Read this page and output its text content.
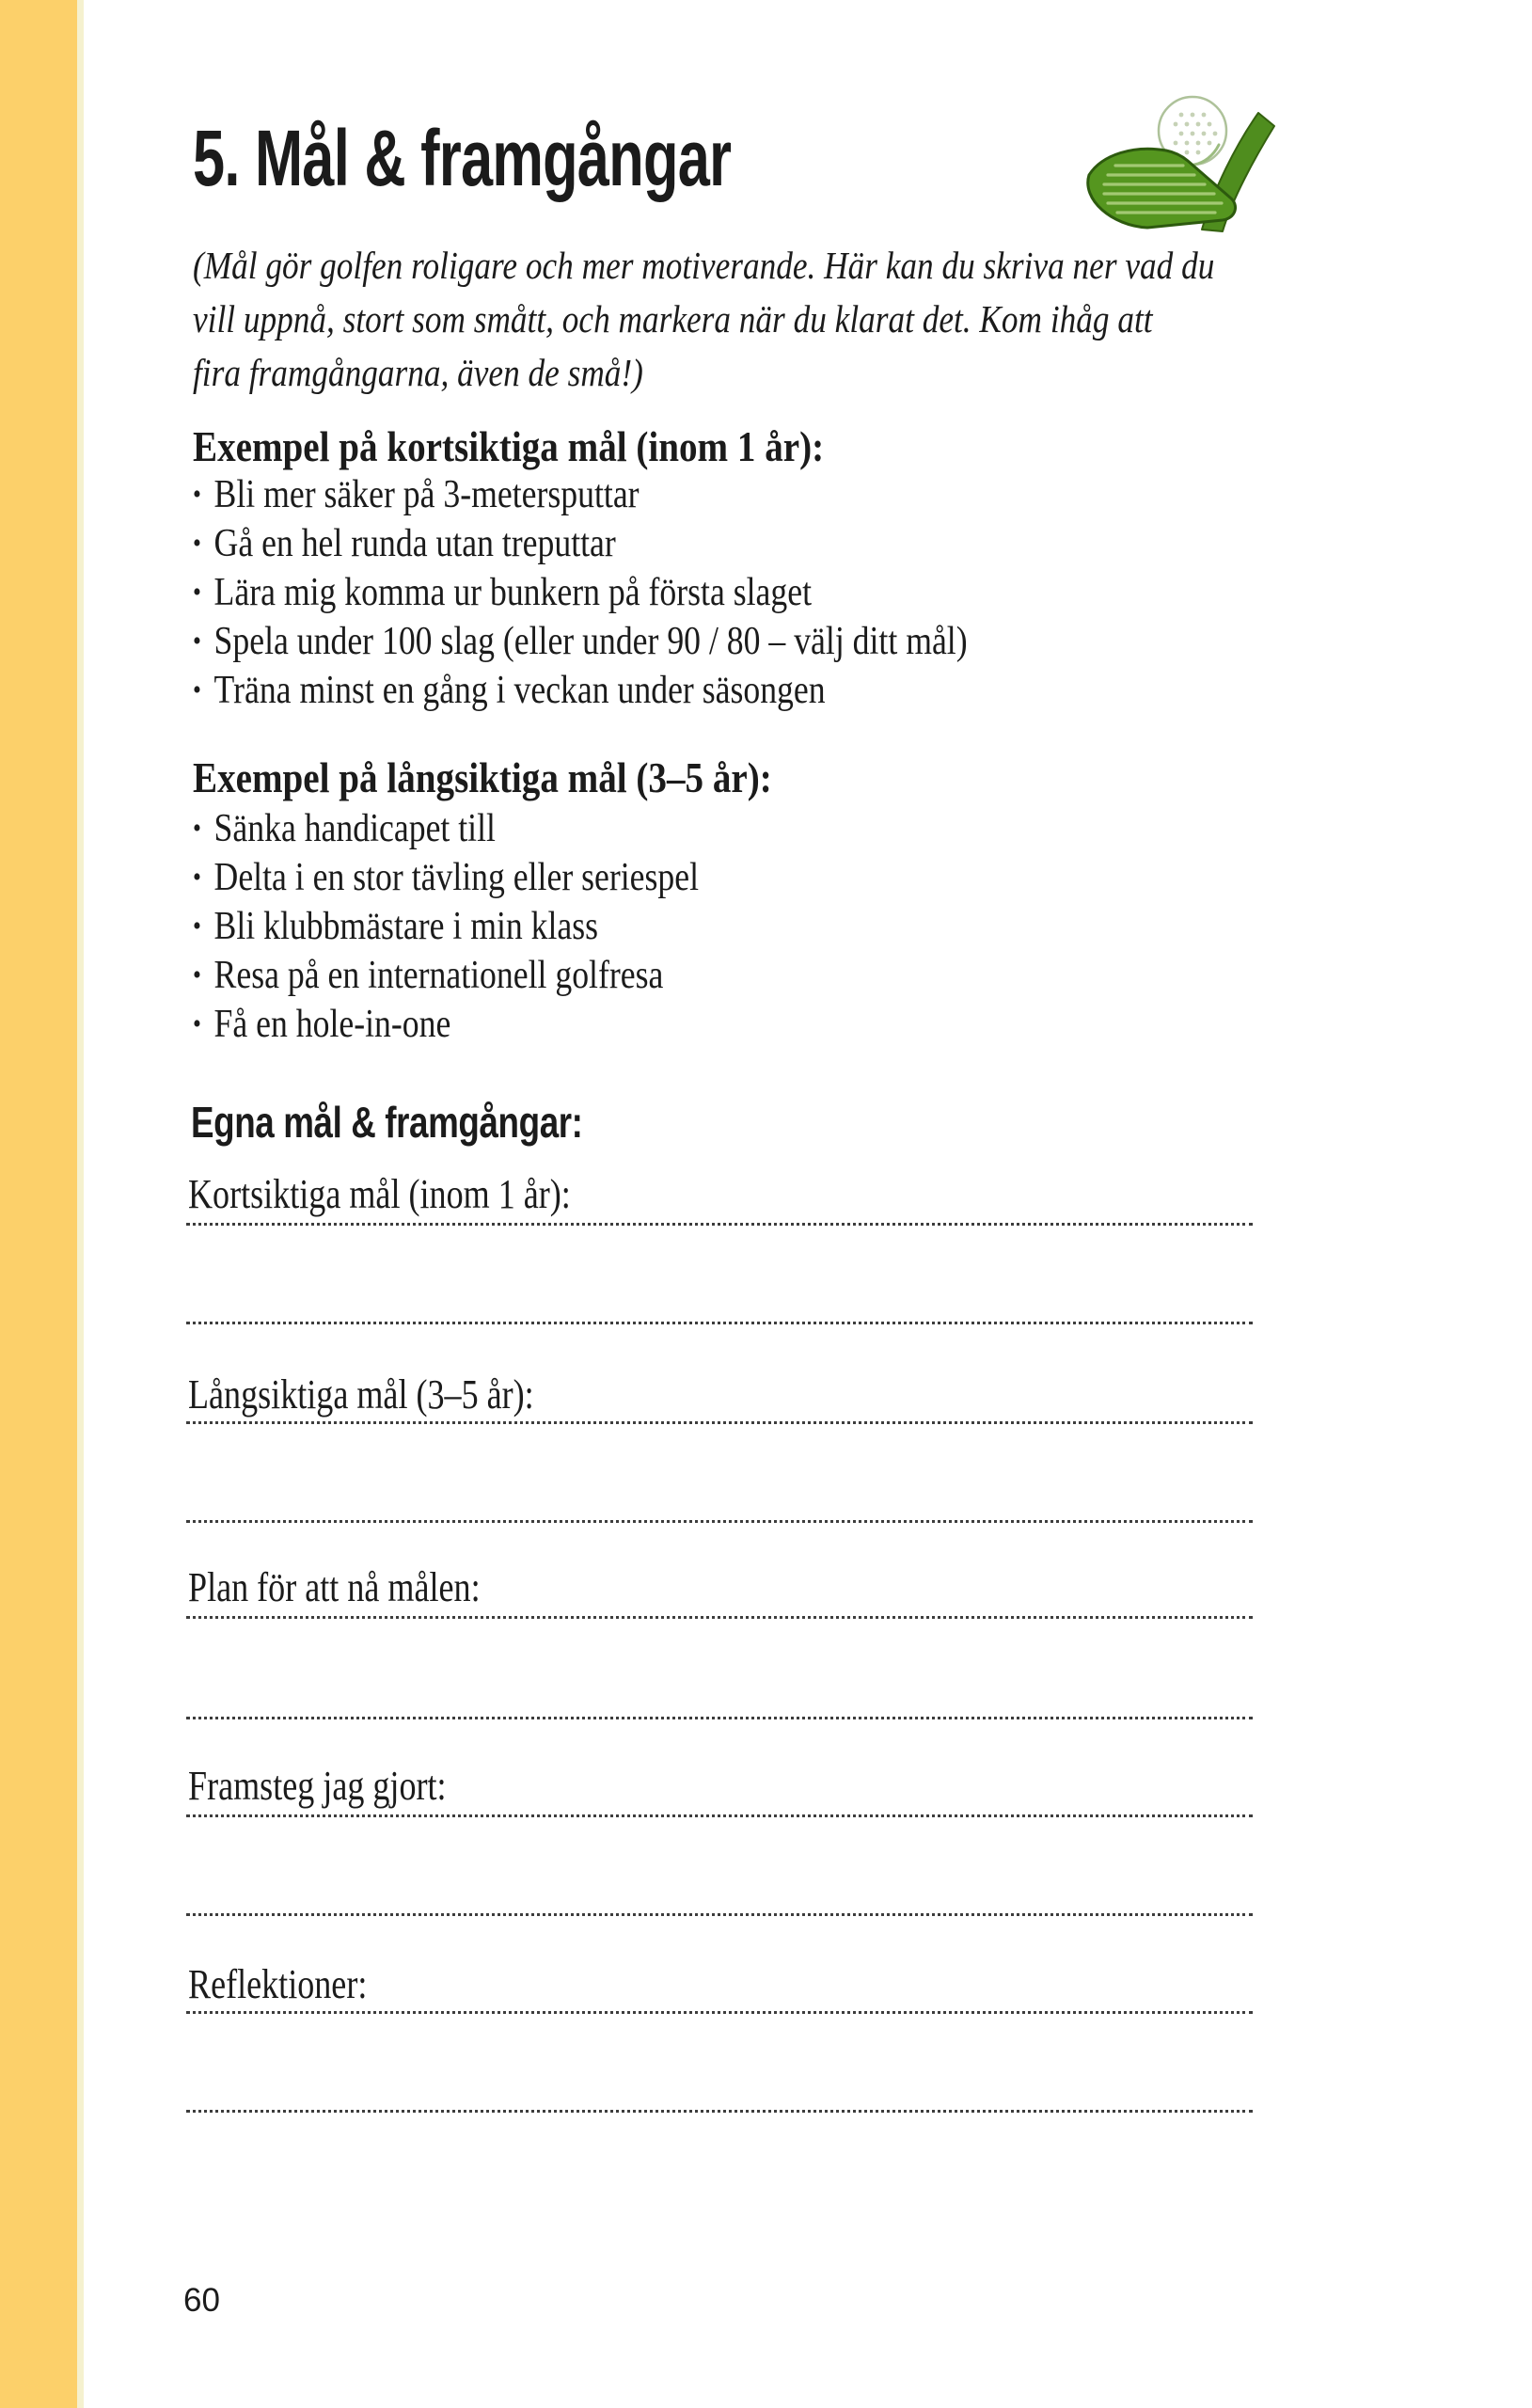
5. Mål & framgångar
(Mål gör golfen roligare och mer motiverande. Här kan du skriva ner vad du
vill uppnå, stort som smått, och markera när du klarat det. Kom ihåg att
fira framgångarna, även de små!)
Exempel på kortsiktiga mål (inom 1 år):
• Bli mer säker på 3-metersputtar
• Gå en hel runda utan treputtar
• Lära mig komma ur bunkern på första slaget
• Spela under 100 slag (eller under 90 / 80 – välj ditt mål)
• Träna minst en gång i veckan under säsongen
Exempel på långsiktiga mål (3–5 år):
• Sänka handicapet till
• Delta i en stor tävling eller seriespel
• Bli klubbmästare i min klass
• Resa på en internationell golfresa
• Få en hole-in-one
Egna mål & framgångar:
Kortsiktiga mål (inom 1 år):
Långsiktiga mål (3–5 år):
Plan för att nå målen:
Framsteg jag gjort:
Reflektioner:
60
